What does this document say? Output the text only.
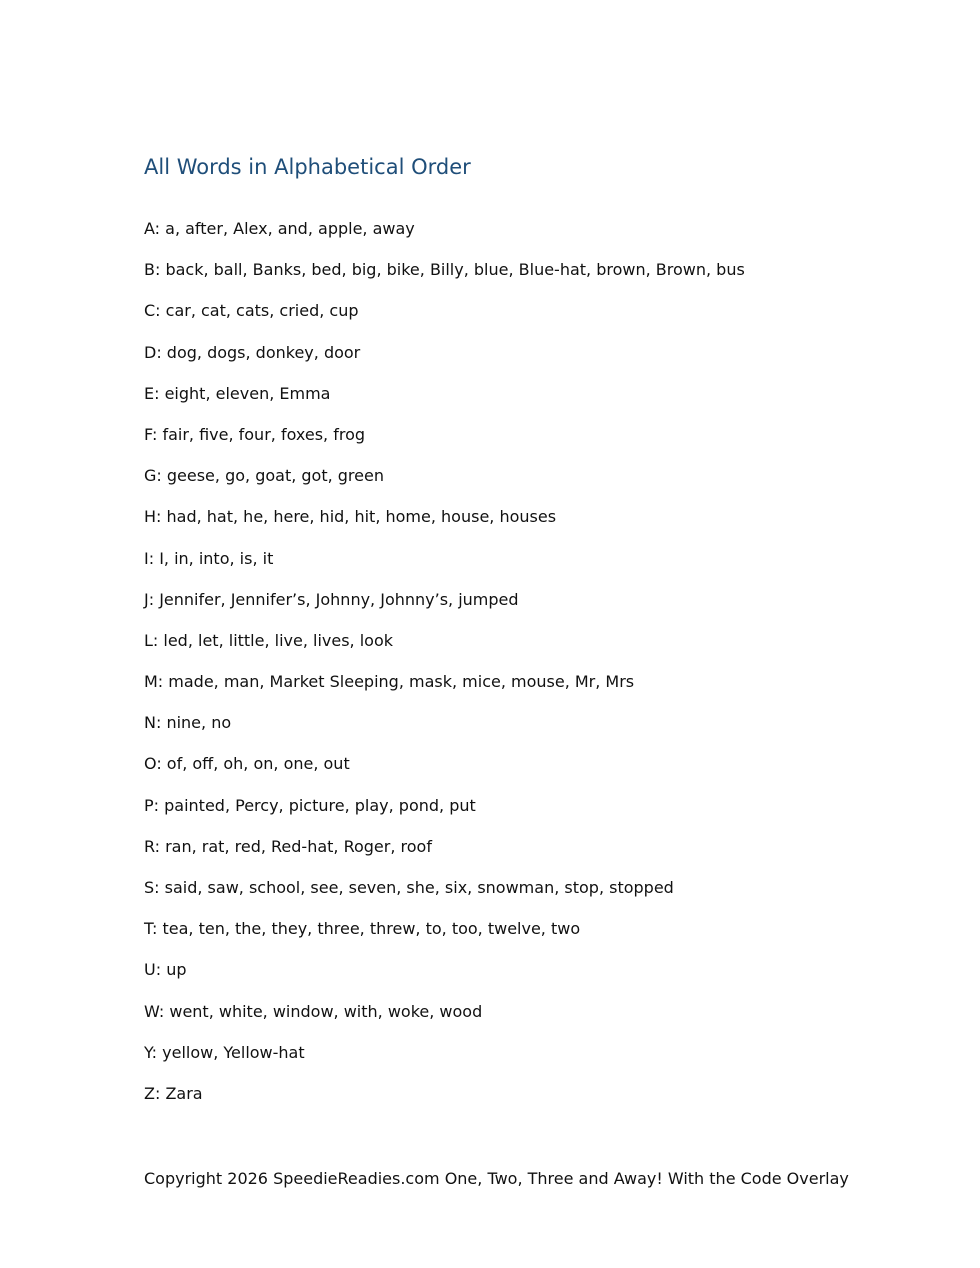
All Words in Alphabetical Order
A: a, after, Alex, and, apple, away
B: back, ball, Banks, bed, big, bike, Billy, blue, Blue-hat, brown, Brown, bus
C: car, cat, cats, cried, cup
D: dog, dogs, donkey, door
E: eight, eleven, Emma
F: fair, five, four, foxes, frog
G: geese, go, goat, got, green
H: had, hat, he, here, hid, hit, home, house, houses
I: I, in, into, is, it
J: Jennifer, Jennifer’s, Johnny, Johnny’s, jumped
L: led, let, little, live, lives, look
M: made, man, Market Sleeping, mask, mice, mouse, Mr, Mrs
N: nine, no
O: of, off, oh, on, one, out
P: painted, Percy, picture, play, pond, put
R: ran, rat, red, Red-hat, Roger, roof
S: said, saw, school, see, seven, she, six, snowman, stop, stopped
T: tea, ten, the, they, three, threw, to, too, twelve, two
U: up
W: went, white, window, with, woke, wood
Y: yellow, Yellow-hat
Z: Zara

Copyright 2026 SpeedieReadies.com One, Two, Three and Away! With the Code Overlay
